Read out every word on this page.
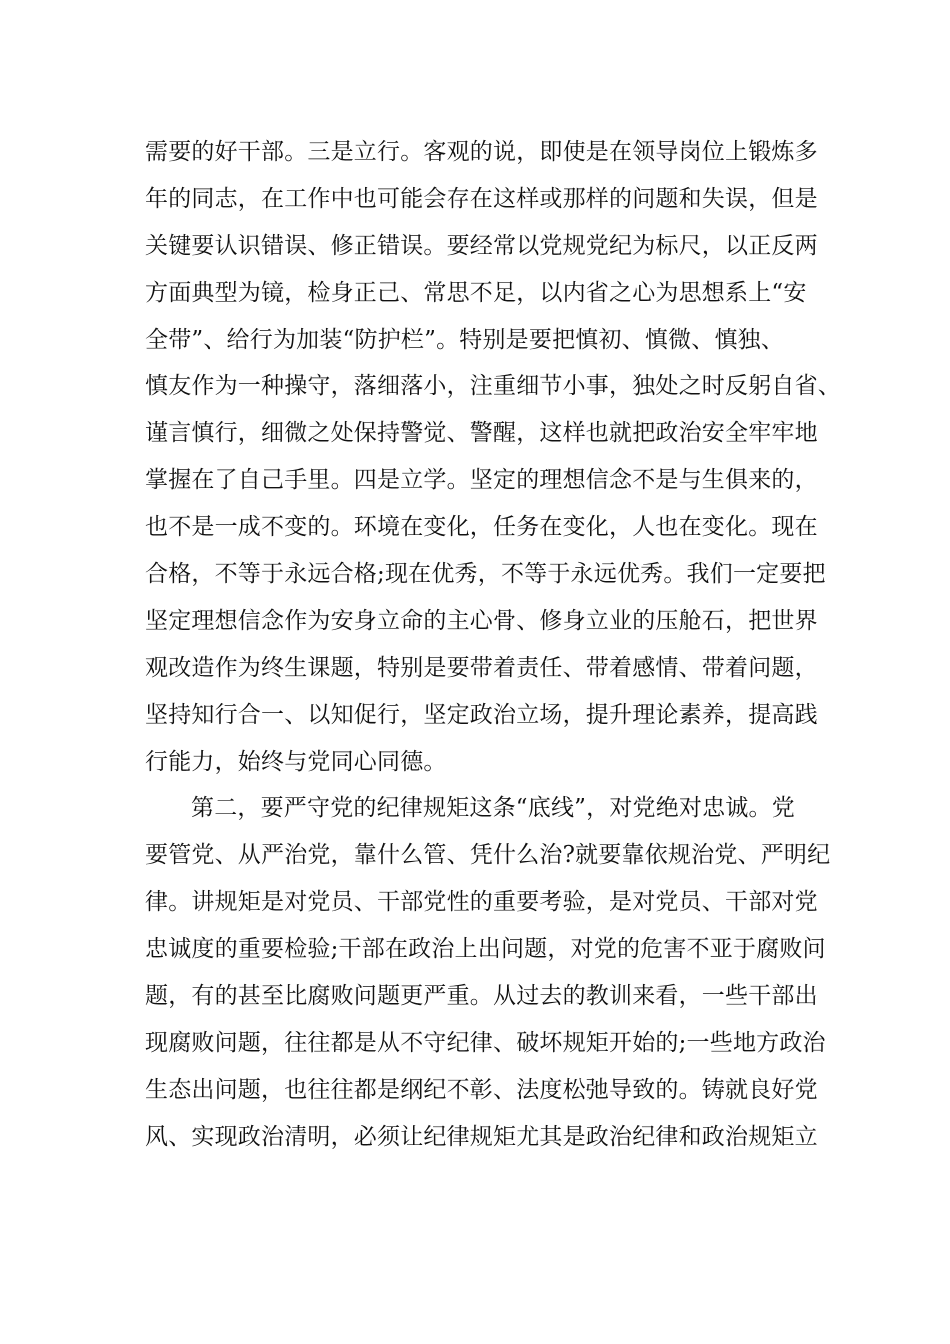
需要的好干部。三是立行。客观的说，即使是在领导岗位上锻炼多
年的同志，在工作中也可能会存在这样或那样的问题和失误，但是
关键要认识错误、修正错误。要经常以党规党纪为标尺，以正反两
方面典型为镜，检身正己、常思不足，以内省之心为思想系上“安
全带”、给行为加装“防护栏”。特别是要把慎初、慎微、慎独、
慎友作为一种操守，落细落小，注重细节小事，独处之时反躬自省、
谨言慎行，细微之处保持警觉、警醒，这样也就把政治安全牢牢地
掌握在了自己手里。四是立学。坚定的理想信念不是与生俱来的，
也不是一成不变的。环境在变化，任务在变化，人也在变化。现在
合格，不等于永远合格;现在优秀，不等于永远优秀。我们一定要把
坚定理想信念作为安身立命的主心骨、修身立业的压舱石，把世界
观改造作为终生课题，特别是要带着责任、带着感情、带着问题，
坚持知行合一、以知促行，坚定政治立场，提升理论素养，提高践
行能力，始终与党同心同德。
第二，要严守党的纪律规矩这条“底线”，对党绝对忠诚。党
要管党、从严治党，靠什么管、凭什么治?就要靠依规治党、严明纪
律。讲规矩是对党员、干部党性的重要考验，是对党员、干部对党
忠诚度的重要检验;干部在政治上出问题，对党的危害不亚于腐败问
题，有的甚至比腐败问题更严重。从过去的教训来看，一些干部出
现腐败问题，往往都是从不守纪律、破坏规矩开始的;一些地方政治
生态出问题，也往往都是纲纪不彰、法度松弛导致的。铸就良好党
风、实现政治清明，必须让纪律规矩尤其是政治纪律和政治规矩立
